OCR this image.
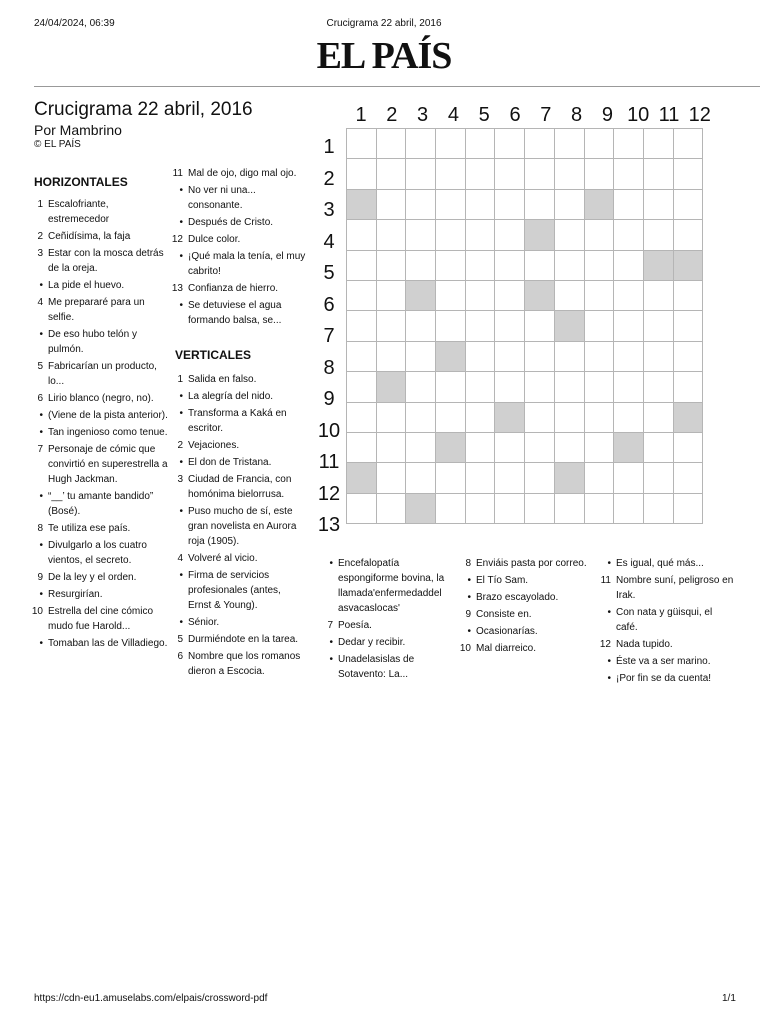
24/04/2024, 06:39	Crucigrama 22 abril, 2016
EL PAÍS
Crucigrama 22 abril, 2016
Por Mambrino
© EL PAÍS
HORIZONTALES
1 Escalofriante, estremecedor
2 Ceñidísima, la faja
3 Estar con la mosca detrás de la oreja.
• La pide el huevo.
4 Me prepararé para un selfie.
• De eso hubo telón y pulmón.
5 Fabricarían un producto, lo...
6 Lirio blanco (negro, no).
• (Viene de la pista anterior).
• Tan ingenioso como tenue.
7 Personaje de cómic que convirtió en superestrella a Hugh Jackman.
• “__’ tu amante bandido” (Bosé).
8 Te utiliza ese país.
• Divulgarlo a los cuatro vientos, el secreto.
9 De la ley y el orden.
• Resurgirían.
10 Estrella del cine cómico mudo fue Harold...
• Tomaban las de Villadiego.
11 Mal de ojo, digo mal ojo.
• No ver ni una... consonante.
• Después de Cristo.
12 Dulce color.
• ¡Qué mala la tenía, el muy cabrito!
13 Confianza de hierro.
• Se detuviese el agua formando balsa, se...
VERTICALES
1 Salida en falso.
• La alegría del nido.
• Transforma a Kaká en escritor.
2 Vejaciones.
• El don de Tristana.
3 Ciudad de Francia, con homónima bielorrusa.
• Puso mucho de sí, este gran novelista en Aurora roja (1905).
4 Volveré al vicio.
• Firma de servicios profesionales (antes, Ernst & Young).
• Sénior.
5 Durmiéndote en la tarea.
6 Nombre que los romanos dieron a Escocia.
1 2 3 4 5 6 7 8 9 10 11 12
1
2
3
4
5
6
7
8
9
10
11
12
13

• Encefalopatía espongiforme bovina, la llamada'enfermedaddel asvacaslocas'
7 Poesía.
• Dedar y recibir.
• Unadelasislas de Sotavento: La...
8 Enviáis pasta por correo.
• El Tío Sam.
• Brazo escayolado.
9 Consiste en.
• Ocasionarías.
10 Mal diarreico.
• Es igual, qué más...
11 Nombre suní, peligroso en Irak.
• Con nata y güisqui, el café.
12 Nada tupido.
• Éste va a ser marino.
• ¡Por fin se da cuenta!
https://cdn-eu1.amuselabs.com/elpais/crossword-pdf	1/1
